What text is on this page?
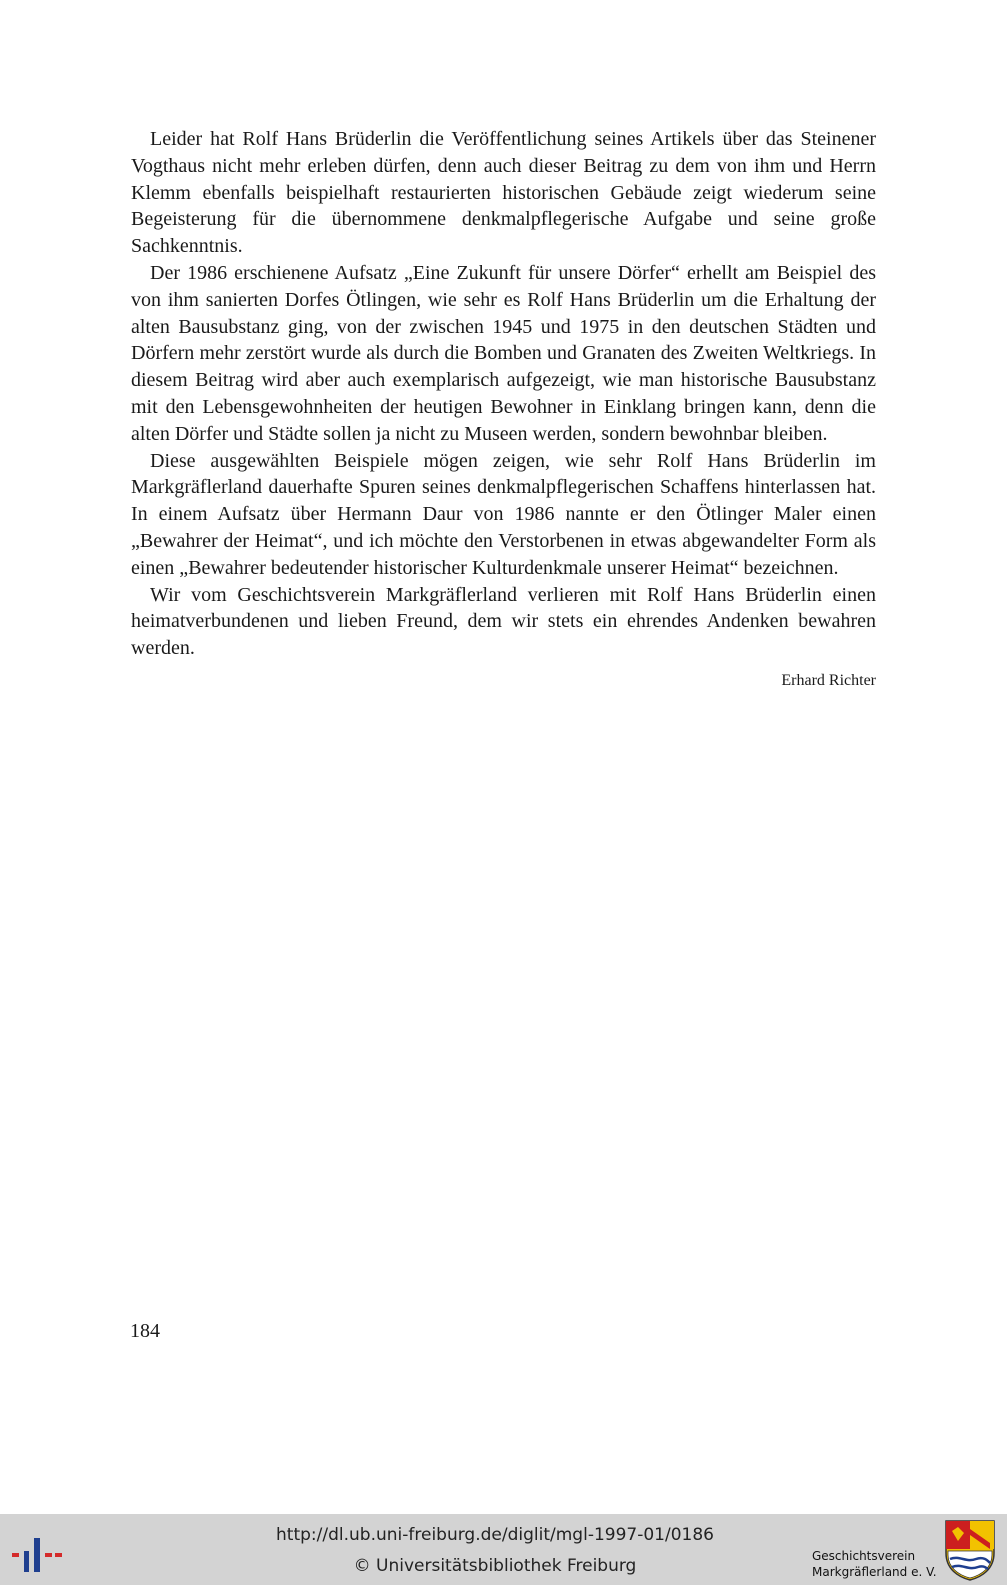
Leider hat Rolf Hans Brüderlin die Veröffentlichung seines Artikels über das Steinener Vogthaus nicht mehr erleben dürfen, denn auch dieser Beitrag zu dem von ihm und Herrn Klemm ebenfalls beispielhaft restaurierten historischen Gebäude zeigt wiederum seine Begeisterung für die übernommene denkmalpflegerische Aufgabe und seine große Sachkenntnis.

Der 1986 erschienene Aufsatz „Eine Zukunft für unsere Dörfer“ erhellt am Beispiel des von ihm sanierten Dorfes Ötlingen, wie sehr es Rolf Hans Brüderlin um die Erhaltung der alten Bausubstanz ging, von der zwischen 1945 und 1975 in den deutschen Städten und Dörfern mehr zerstört wurde als durch die Bomben und Granaten des Zweiten Weltkriegs. In diesem Beitrag wird aber auch exemplarisch aufgezeigt, wie man historische Bausubstanz mit den Lebensgewohnheiten der heutigen Bewohner in Einklang bringen kann, denn die alten Dörfer und Städte sollen ja nicht zu Museen werden, sondern bewohnbar bleiben.

Diese ausgewählten Beispiele mögen zeigen, wie sehr Rolf Hans Brüderlin im Markgräflerland dauerhafte Spuren seines denkmalpflegerischen Schaffens hinterlassen hat. In einem Aufsatz über Hermann Daur von 1986 nannte er den Ötlinger Maler einen „Bewahrer der Heimat“, und ich möchte den Verstorbenen in etwas abgewandelter Form als einen „Bewahrer bedeutender historischer Kulturdenkmale unserer Heimat“ bezeichnen.

Wir vom Geschichtsverein Markgräflerland verlieren mit Rolf Hans Brüderlin einen heimatverbundenen und lieben Freund, dem wir stets ein ehrendes Andenken bewahren werden.

Erhard Richter
184
http://dl.ub.uni-freiburg.de/diglit/mgl-1997-01/0186
© Universitätsbibliothek Freiburg	Geschichtsverein
Markgräflerland e. V.
